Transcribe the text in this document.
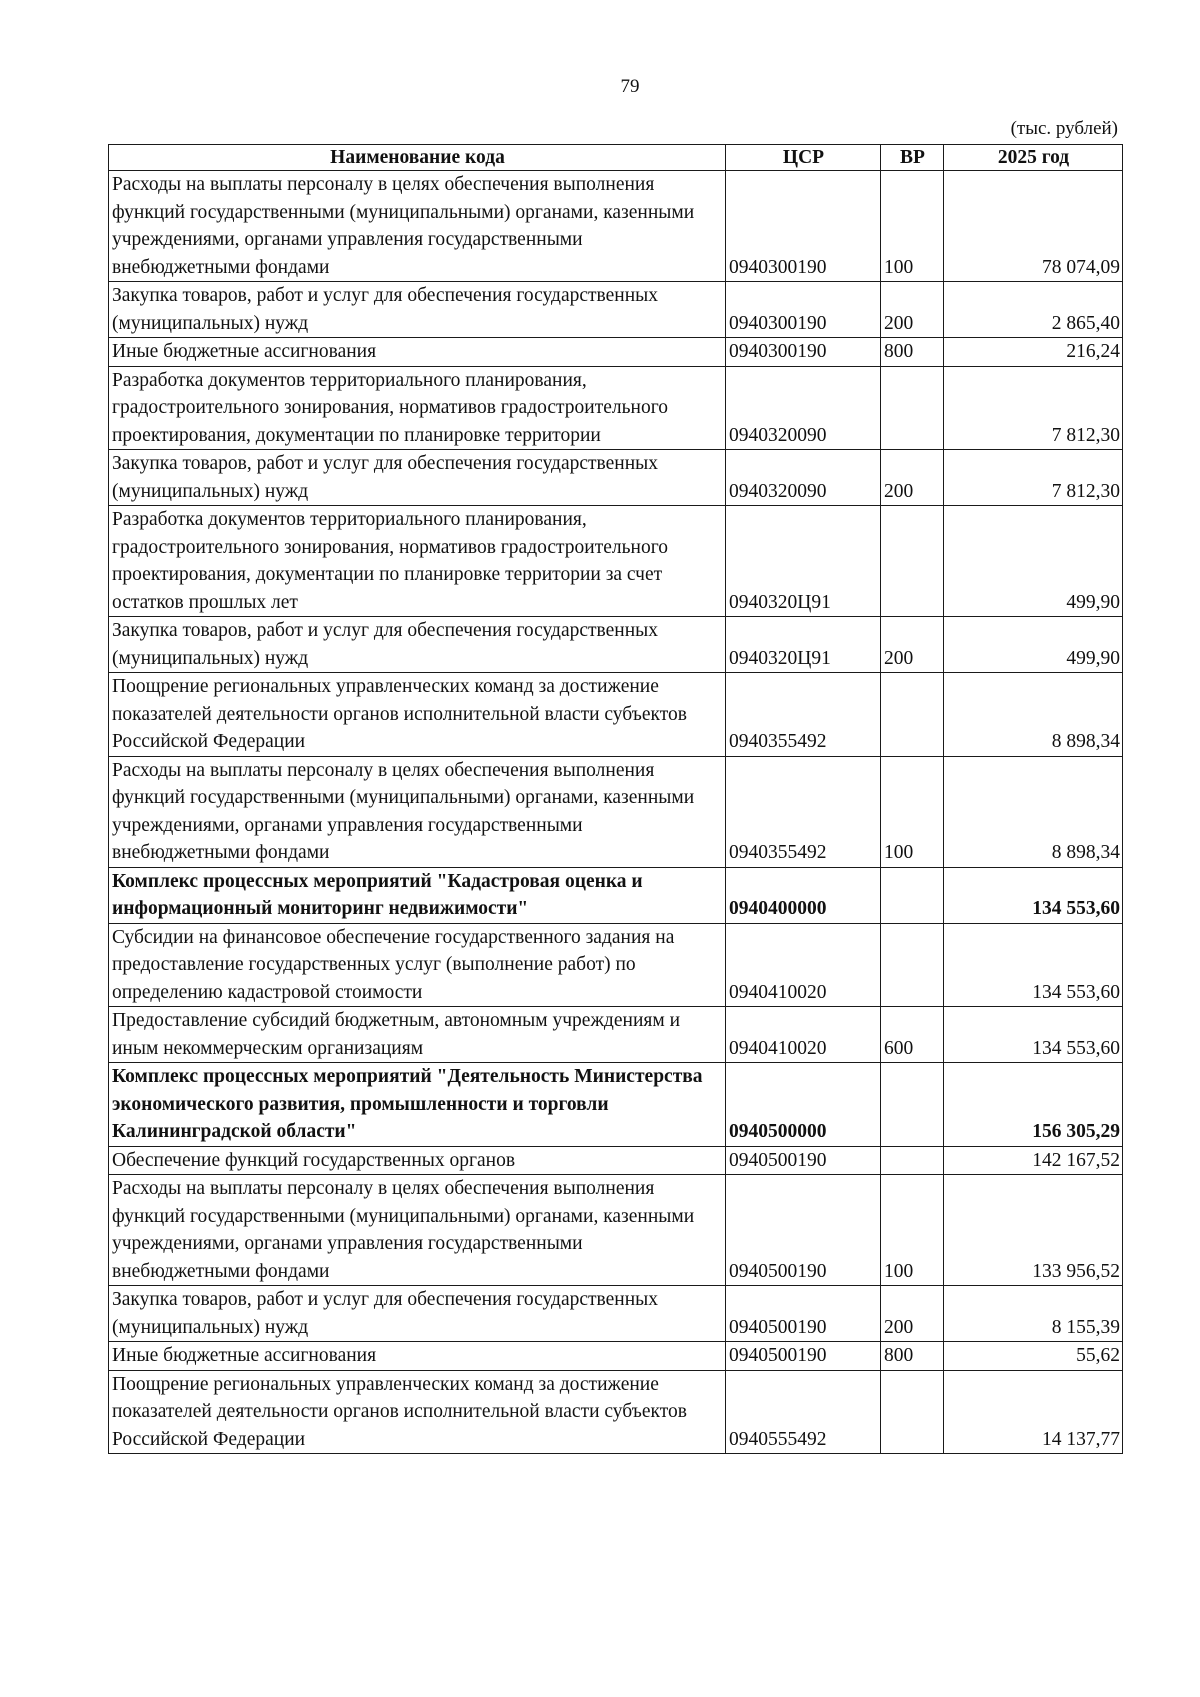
79
(тыс. рублей)
Наименование кода	ЦСР	ВР	2025 год
Расходы на выплаты персоналу в целях обеспечения выполнения функций государственными (муниципальными) органами, казенными учреждениями, органами управления государственными внебюджетными фондами	0940300190	100	78 074,09
Закупка товаров, работ и услуг для обеспечения государственных (муниципальных) нужд	0940300190	200	2 865,40
Иные бюджетные ассигнования	0940300190	800	216,24
Разработка документов территориального планирования, градостроительного зонирования, нормативов градостроительного проектирования, документации по планировке территории	0940320090		7 812,30
Закупка товаров, работ и услуг для обеспечения государственных (муниципальных) нужд	0940320090	200	7 812,30
Разработка документов территориального планирования, градостроительного зонирования, нормативов градостроительного проектирования, документации по планировке территории за счет остатков прошлых лет	0940320Ц91		499,90
Закупка товаров, работ и услуг для обеспечения государственных (муниципальных) нужд	0940320Ц91	200	499,90
Поощрение региональных управленческих команд за достижение показателей деятельности органов исполнительной власти субъектов Российской Федерации	0940355492		8 898,34
Расходы на выплаты персоналу в целях обеспечения выполнения функций государственными (муниципальными) органами, казенными учреждениями, органами управления государственными внебюджетными фондами	0940355492	100	8 898,34
Комплекс процессных мероприятий "Кадастровая оценка и информационный мониторинг недвижимости"	0940400000		134 553,60
Субсидии на финансовое обеспечение государственного задания на предоставление государственных услуг (выполнение работ) по определению кадастровой стоимости	0940410020		134 553,60
Предоставление субсидий бюджетным, автономным учреждениям и иным некоммерческим организациям	0940410020	600	134 553,60
Комплекс процессных мероприятий "Деятельность Министерства экономического развития, промышленности и торговли Калининградской области"	0940500000		156 305,29
Обеспечение функций государственных органов	0940500190		142 167,52
Расходы на выплаты персоналу в целях обеспечения выполнения функций государственными (муниципальными) органами, казенными учреждениями, органами управления государственными внебюджетными фондами	0940500190	100	133 956,52
Закупка товаров, работ и услуг для обеспечения государственных (муниципальных) нужд	0940500190	200	8 155,39
Иные бюджетные ассигнования	0940500190	800	55,62
Поощрение региональных управленческих команд за достижение показателей деятельности органов исполнительной власти субъектов Российской Федерации	0940555492		14 137,77
